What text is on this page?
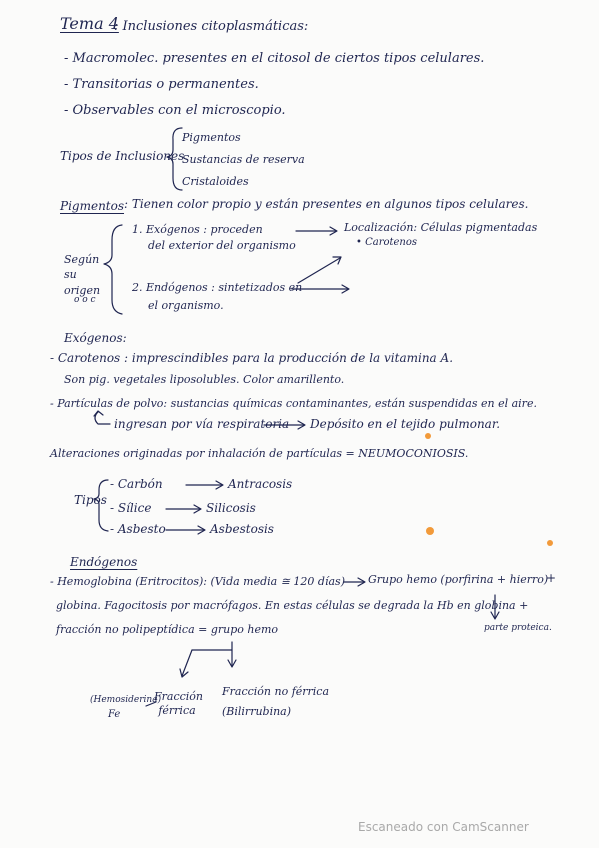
Tema 4
: Inclusiones citoplasmáticas:
- Macromolec. presentes en el citosol de ciertos tipos celulares.
- Transitorias o permanentes.
- Observables con el microscopio.
Tipos de Inclusiones
Pigmentos
Sustancias de reserva
Cristaloides
Pigmentos : Tienen color propio y están presentes en algunos tipos celulares.
Según su origen
o o c
1. Exógenos : proceden
del exterior del organismo
Localización: Células pigmentadas
• Carotenos
2. Endógenos : sintetizados en
el organismo.
Exógenos:
- Carotenos : imprescindibles para la producción de la vitamina A.
Son pig. vegetales liposolubles. Color amarillento.
- Partículas de polvo: sustancias químicas contaminantes, están suspendidas en el aire.
ingresan por vía respiratoria Depósito en el tejido pulmonar.
Alteraciones originadas por inhalación de partículas = NEUMOCONIOSIS.
Tipos
- Carbón	Antracosis
- Sílice	Silicosis
- Asbesto	Asbestosis
Endógenos
- Hemoglobina (Eritrocitos): (Vida media ≅ 120 días) Grupo hemo (porfirina + hierro)
+
globina. Fagocitosis por macrófagos. En estas células se degrada la Hb en globina +
parte proteica.
fracción no polipeptídica = grupo hemo
(Hemosiderina)
Fe
Fracción férrica
Fracción no férrica
(Bilirrubina)
Escaneado con CamScanner
